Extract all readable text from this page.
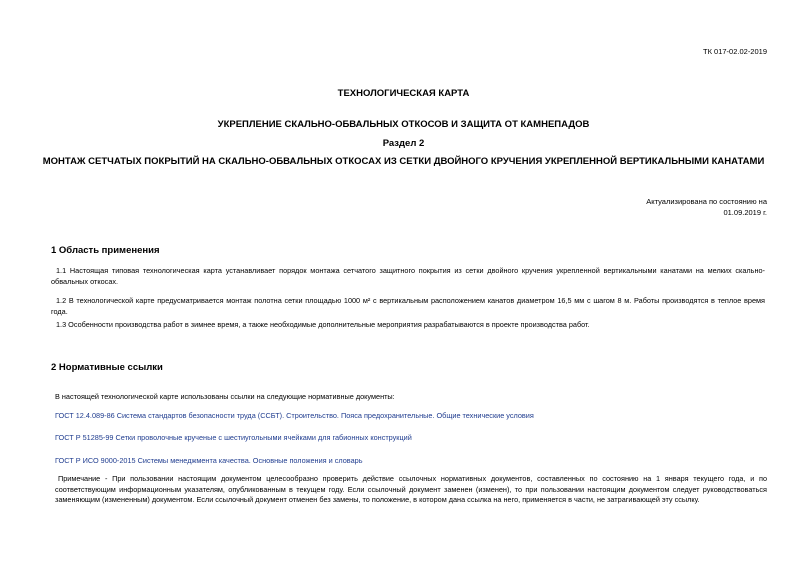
ТК 017-02.02-2019
ТЕХНОЛОГИЧЕСКАЯ КАРТА
УКРЕПЛЕНИЕ СКАЛЬНО-ОБВАЛЬНЫХ ОТКОСОВ И ЗАЩИТА ОТ КАМНЕПАДОВ
Раздел 2
МОНТАЖ СЕТЧАТЫХ ПОКРЫТИЙ НА СКАЛЬНО-ОБВАЛЬНЫХ ОТКОСАХ ИЗ СЕТКИ ДВОЙНОГО КРУЧЕНИЯ УКРЕПЛЕННОЙ ВЕРТИКАЛЬНЫМИ КАНАТАМИ
Актуализирована по состоянию на
01.09.2019 г.
1 Область применения
1.1 Настоящая типовая технологическая карта устанавливает порядок монтажа сетчатого защитного покрытия из сетки двойного кручения укрепленной вертикальными канатами на мелких скально-обвальных откосах.
1.2 В технологической карте предусматривается монтаж полотна сетки площадью 1000 м² с вертикальным расположением канатов диаметром 16,5 мм с шагом 8 м. Работы производятся в теплое время года.
1.3 Особенности производства работ в зимнее время, а также необходимые дополнительные мероприятия разрабатываются в проекте производства работ.
2 Нормативные ссылки
В настоящей технологической карте использованы ссылки на следующие нормативные документы:
ГОСТ 12.4.089-86 Система стандартов безопасности труда (ССБТ). Строительство. Пояса предохранительные. Общие технические условия
ГОСТ Р 51285-99 Сетки проволочные крученые с шестиугольными ячейками для габионных конструкций
ГОСТ Р ИСО 9000-2015 Системы менеджмента качества. Основные положения и словарь
Примечание - При пользовании настоящим документом целесообразно проверить действие ссылочных нормативных документов, составленных по состоянию на 1 января текущего года, и по соответствующим информационным указателям, опубликованным в текущем году. Если ссылочный документ заменен (изменен), то при пользовании настоящим документом следует руководствоваться заменяющим (измененным) документом. Если ссылочный документ отменен без замены, то положение, в котором дана ссылка на него, применяется в части, не затрагивающей эту ссылку.
